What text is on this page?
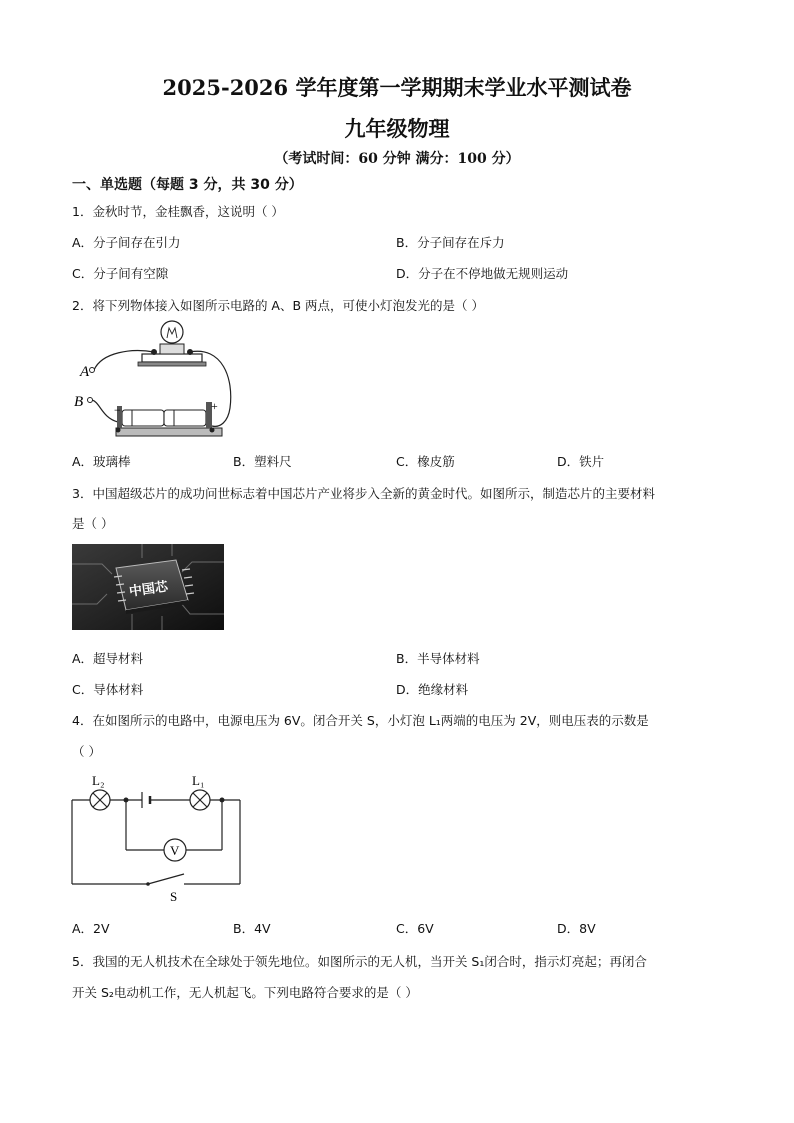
2025-2026 学年度第一学期期末学业水平测试卷
九年级物理
（考试时间：60 分钟 满分：100 分）
一、单选题（每题 3 分，共 30 分）
1．金秋时节，金桂飘香，这说明（ ）
A．分子间存在引力	B．分子间存在斥力
C．分子间有空隙	D．分子在不停地做无规则运动
2．将下列物体接入如图所示电路的 A、B 两点，可使小灯泡发光的是（ ）
A
B	−	+
A．玻璃棒	B．塑料尺	C．橡皮筋	D．铁片
3．中国超级芯片的成功问世标志着中国芯片产业将步入全新的黄金时代。如图所示，制造芯片的主要材料
是（ ）
中国芯
A．超导材料	B．半导体材料
C．导体材料	D．绝缘材料
4．在如图所示的电路中，电源电压为 6V。闭合开关 S，小灯泡 L₁两端的电压为 2V，则电压表的示数是
（ ）
V
L₂	L₁
S
A．2V	B．4V	C．6V	D．8V
5．我国的无人机技术在全球处于领先地位。如图所示的无人机，当开关 S₁闭合时，指示灯亮起；再闭合
开关 S₂电动机工作，无人机起飞。下列电路符合要求的是（ ）
